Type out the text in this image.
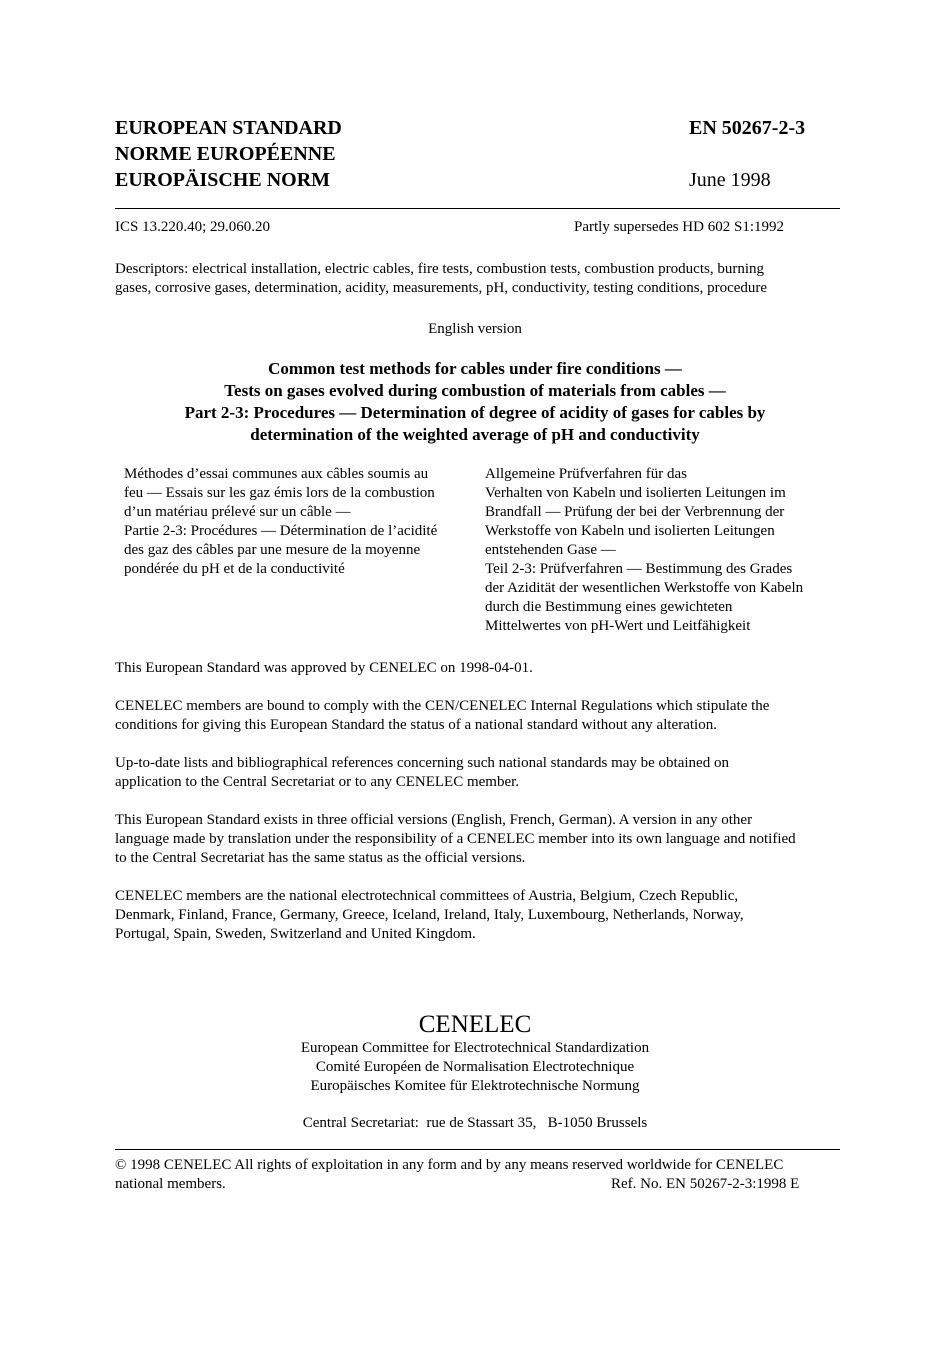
EUROPEAN STANDARD
NORME EUROPÉENNE
EUROPÄISCHE NORM
EN 50267-2-3
June 1998
ICS 13.220.40; 29.060.20	Partly supersedes HD 602 S1:1992
Descriptors: electrical installation, electric cables, fire tests, combustion tests, combustion products, burning
gases, corrosive gases, determination, acidity, measurements, pH, conductivity, testing conditions, procedure
English version
Common test methods for cables under fire conditions —
Tests on gases evolved during combustion of materials from cables —
Part 2-3: Procedures — Determination of degree of acidity of gases for cables by
determination of the weighted average of pH and conductivity
Méthodes d’essai communes aux câbles soumis au
feu — Essais sur les gaz émis lors de la combustion
d’un matériau prélevé sur un câble —
Partie 2-3: Procédures — Détermination de l’acidité
des gaz des câbles par une mesure de la moyenne
pondérée du pH et de la conductivité
Allgemeine Prüfverfahren für das
Verhalten von Kabeln und isolierten Leitungen im
Brandfall — Prüfung der bei der Verbrennung der
Werkstoffe von Kabeln und isolierten Leitungen
entstehenden Gase —
Teil 2-3: Prüfverfahren — Bestimmung des Grades
der Azidität der wesentlichen Werkstoffe von Kabeln
durch die Bestimmung eines gewichteten
Mittelwertes von pH-Wert und Leitfähigkeit
This European Standard was approved by CENELEC on 1998-04-01.
CENELEC members are bound to comply with the CEN/CENELEC Internal Regulations which stipulate the
conditions for giving this European Standard the status of a national standard without any alteration.
Up-to-date lists and bibliographical references concerning such national standards may be obtained on
application to the Central Secretariat or to any CENELEC member.
This European Standard exists in three official versions (English, French, German). A version in any other
language made by translation under the responsibility of a CENELEC member into its own language and notified
to the Central Secretariat has the same status as the official versions.
CENELEC members are the national electrotechnical committees of Austria, Belgium, Czech Republic,
Denmark, Finland, France, Germany, Greece, Iceland, Ireland, Italy, Luxembourg, Netherlands, Norway,
Portugal, Spain, Sweden, Switzerland and United Kingdom.
CENELEC
European Committee for Electrotechnical Standardization
Comité Européen de Normalisation Electrotechnique
Europäisches Komitee für Elektrotechnische Normung
Central Secretariat:  rue de Stassart 35,   B-1050 Brussels
© 1998 CENELEC All rights of exploitation in any form and by any means reserved worldwide for CENELEC
national members.	Ref. No. EN 50267-2-3:1998 E
